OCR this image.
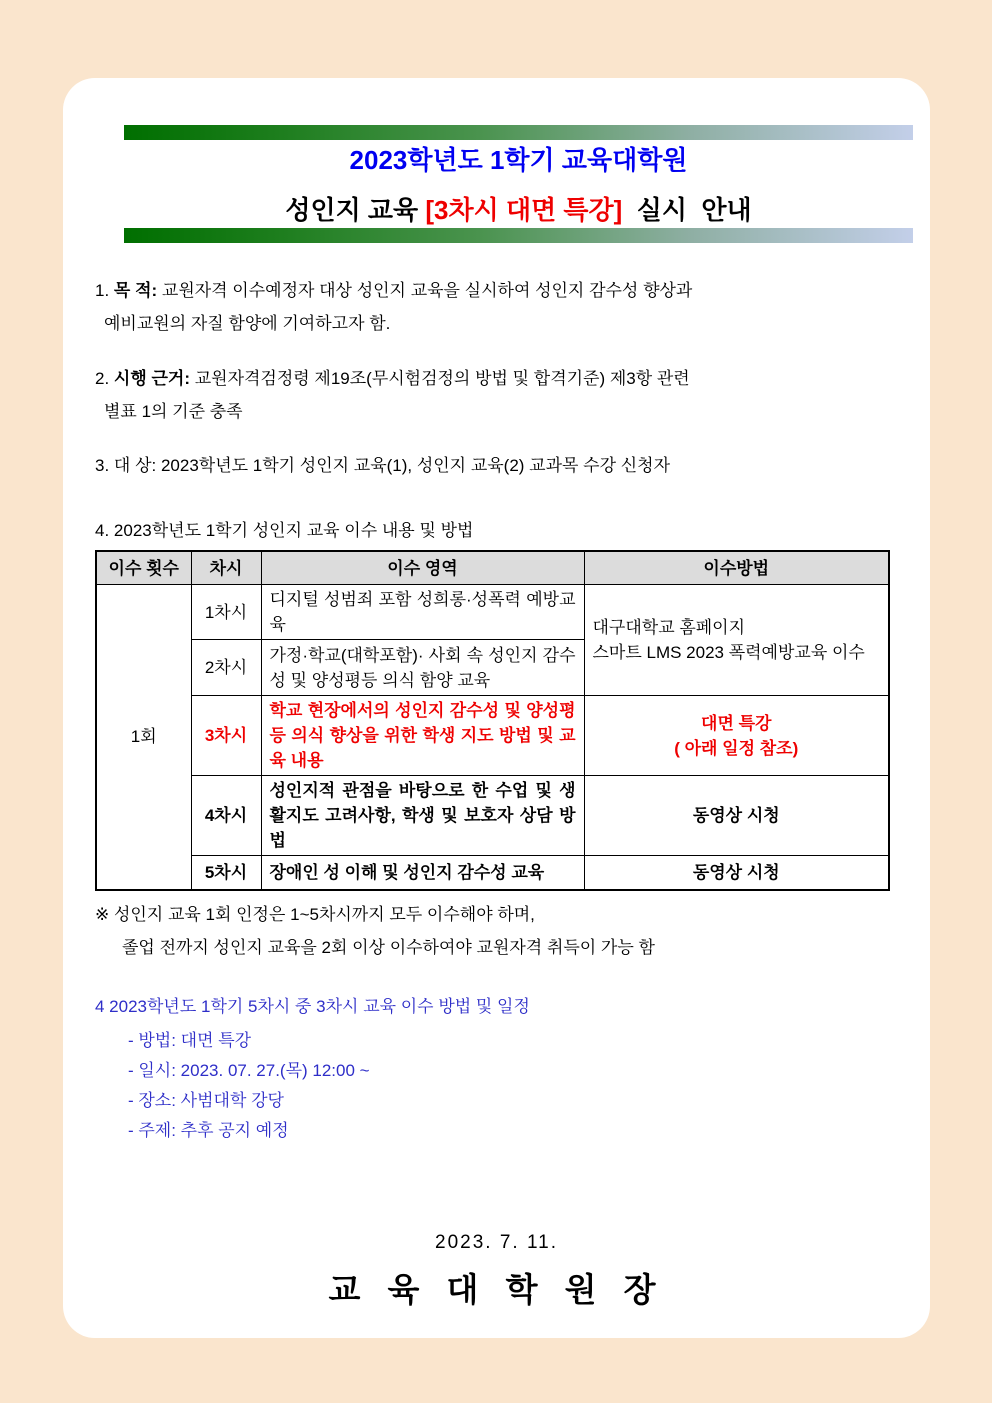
2023학년도 1학기 교육대학원
성인지 교육 [3차시 대면 특강]  실시  안내
1. 목 적: 교원자격 이수예정자 대상 성인지 교육을 실시하여 성인지 감수성 향상과
예비교원의 자질 함양에 기여하고자 함.
2. 시행 근거: 교원자격검정령 제19조(무시험검정의 방법 및 합격기준) 제3항 관련
별표 1의 기준 충족
3. 대 상: 2023학년도 1학기 성인지 교육(1), 성인지 교육(2) 교과목 수강 신청자
4. 2023학년도 1학기 성인지 교육 이수 내용 및 방법
이수 횟수	차시	이수 영역	이수방법
1회	1차시	디지털 성범죄 포함 성희롱·성폭력 예방교육	대구대학교 홈페이지
스마트 LMS 2023 폭력예방교육 이수

	2차시	가정·학교(대학포함)· 사회 속 성인지 감수성 및 양성평등 의식 함양 교육	
	3차시	학교 현장에서의 성인지 감수성 및 양성평등 의식 향상을 위한 학생 지도 방법 및 교육 내용	대면 특강
( 아래 일정 참조)

	4차시	성인지적 관점을 바탕으로 한 수업 및 생활지도 고려사항, 학생 및 보호자 상담 방법	동영상 시청
	5차시	장애인 성 이해 및 성인지 감수성 교육	동영상 시청
※ 성인지 교육 1회 인정은 1~5차시까지 모두 이수해야 하며,
졸업 전까지 성인지 교육을 2회 이상 이수하여야 교원자격 취득이 가능 함
4 2023학년도 1학기 5차시 중 3차시 교육 이수 방법 및 일정
- 방법: 대면 특강
- 일시: 2023. 07. 27.(목) 12:00 ~
- 장소: 사범대학 강당
- 주제: 추후 공지 예정
2023. 7. 11.
교 육 대 학 원 장
